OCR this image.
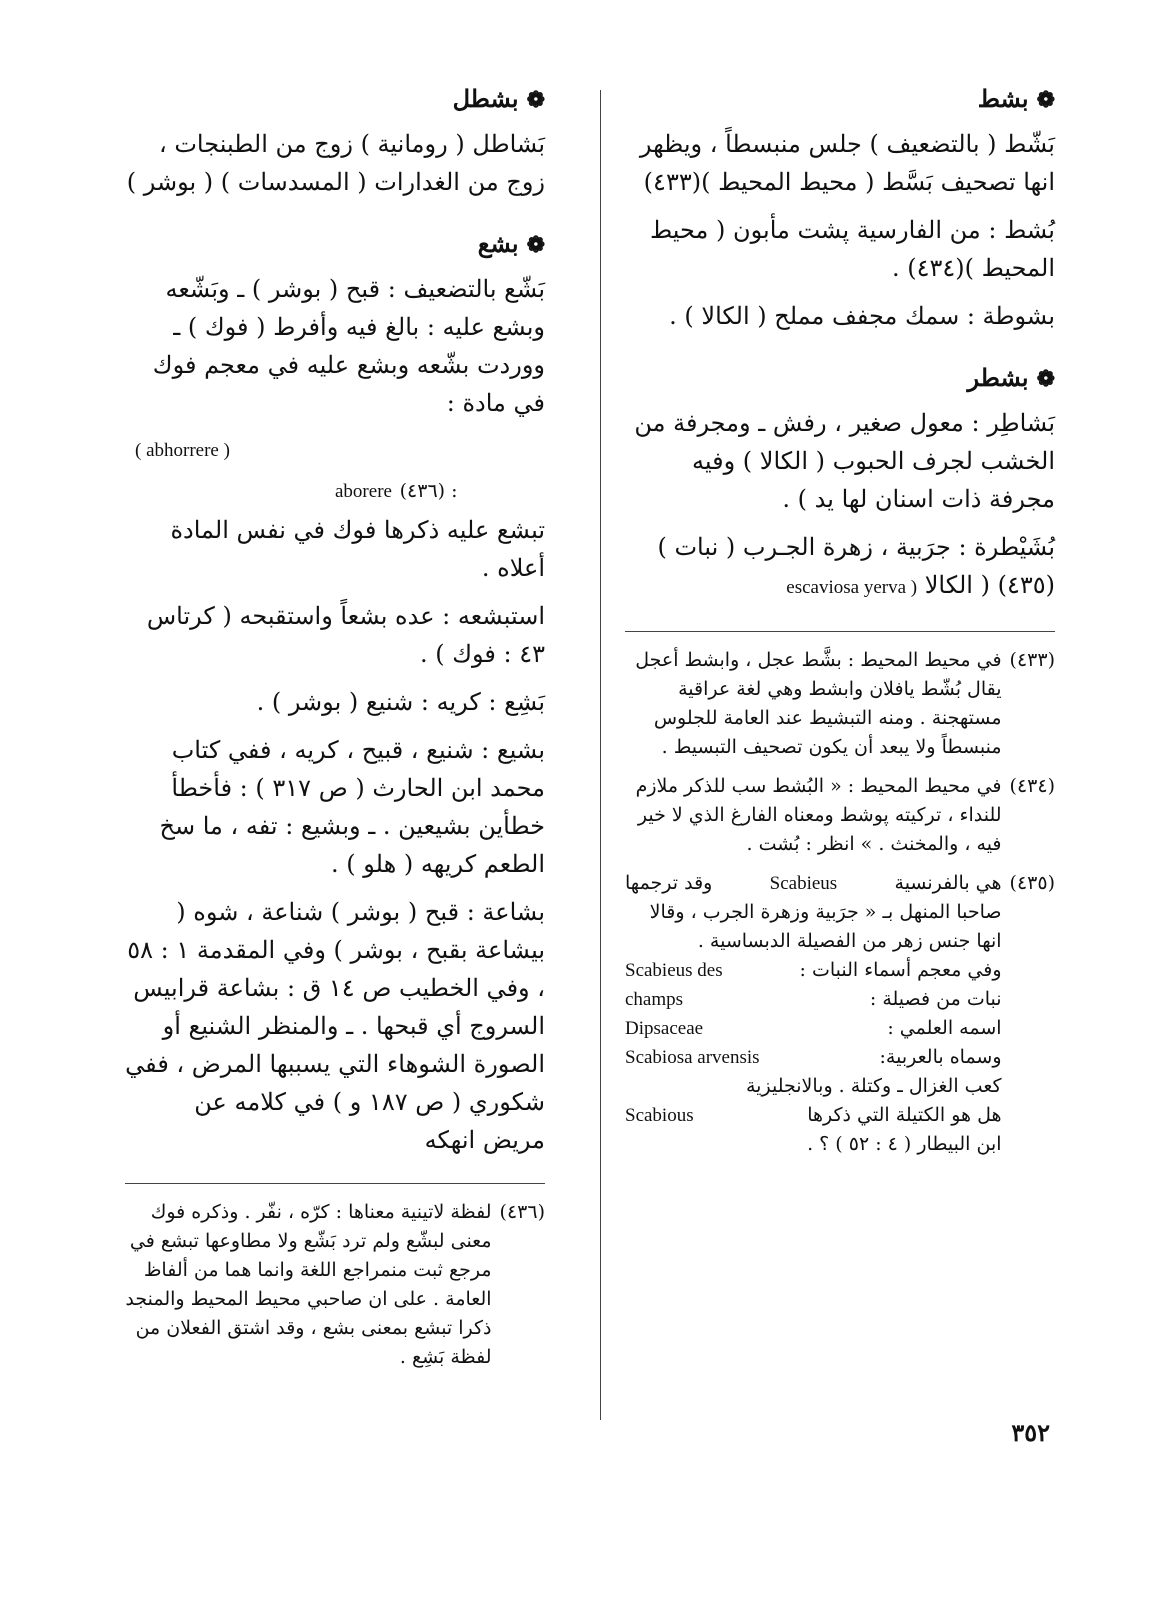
❁بشط

بَشّط ( بالتضعيف ) جلس منبسطاً ، ويظهر انها تصحيف بَسَّط ( محيط المحيط )(٤٣٣)

بُشط : من الفارسية پشت مأبون ( محيط المحيط )(٤٣٤) .

بشوطة : سمك مجفف مملح ( الكالا ) .

❁بشطر

بَشاطِر : معول صغير ، رفش ـ ومجرفة من الخشب لجرف الحبوب ( الكالا ) وفيه مجرفة ذات اسنان لها يد ) .

بُشَيْطرة : جرَبية ، زهرة الجـرب ( نبات )(٤٣٥) ( الكالا escaviosa yerva )

(٤٣٣)
في محيط المحيط : بشَّط عجل ، وابشط أعجل يقال بُشّط يافلان وابشط وهي لغة عراقية مستهجنة . ومنه التبشيط عند العامة للجلوس منبسطاً ولا يبعد أن يكون تصحيف التبسيط .
(٤٣٤)
في محيط المحيط : « البُشط سب للذكر ملازم للنداء ، تركيته پوشط ومعناه الفارغ الذي لا خير فيه ، والمخنث . » انظر : بُشت .
(٤٣٥)
هي بالفرنسية
Scabieus
وقد ترجمها
صاحبا المنهل بـ « جرَبية وزهرة الجرب ، وقالا انها جنس زهر من الفصيلة الدبساسية .
وفي معجم أسماء النبات :
Scabieus des
نبات من فصيلة :
champs
اسمه العلمي :
Dipsaceae
وسماه بالعربية:
Scabiosa arvensis
كعب الغزال ـ وكتلة . وبالانجليزية
هل هو الكتيلة التي ذكرها
Scabious
ابن البيطار ( ٤ : ٥٢ ) ؟ .
❁بشطل

بَشاطل ( رومانية ) زوج من الطبنجات ، زوج من الغدارات ( المسدسات ) ( بوشر )

❁بشع

بَشّع بالتضعيف : قبح ( بوشر ) ـ وبَشّعه وبشع عليه : بالغ فيه وأفرط ( فوك ) ـ ووردت بشّعه وبشع عليه في معجم فوك في مادة :

( abhorrere )
aborere (٤٣٦) :

تبشع عليه ذكرها فوك في نفس المادة أعلاه .

استبشعه : عده بشعاً واستقبحه ( كرتاس ٤٣ : فوك ) .

بَشِع : كريه : شنيع ( بوشر ) .

بشيع : شنيع ، قبيح ، كريه ، ففي كتاب محمد ابن الحارث ( ص ٣١٧ ) : فأخطأ خطأين بشيعين . ـ وبشيع : تفه ، ما سخ الطعم كريهه ( هلو ) .

بشاعة : قبح ( بوشر ) شناعة ، شوه ( بيشاعة بقبح ، بوشر ) وفي المقدمة ١ : ٥٨ ، وفي الخطيب ص ١٤ ق : بشاعة قرابيس السروج أي قبحها . ـ والمنظر الشنيع أو الصورة الشوهاء التي يسببها المرض ، ففي شكوري ( ص ١٨٧ و ) في كلامه عن مريض انهكه

(٤٣٦)
لفظة لاتينية معناها : كرّه ، نفّر . وذكره فوك معنى لبشّع ولم ترد بَشّع ولا مطاوعها تبشع في مرجع ثبت منمراجع اللغة وانما هما من ألفاظ العامة . على ان صاحبي محيط المحيط والمنجد ذكرا تبشع بمعنى بشع ، وقد اشتق الفعلان من لفظة بَشِع .
٣٥٢
